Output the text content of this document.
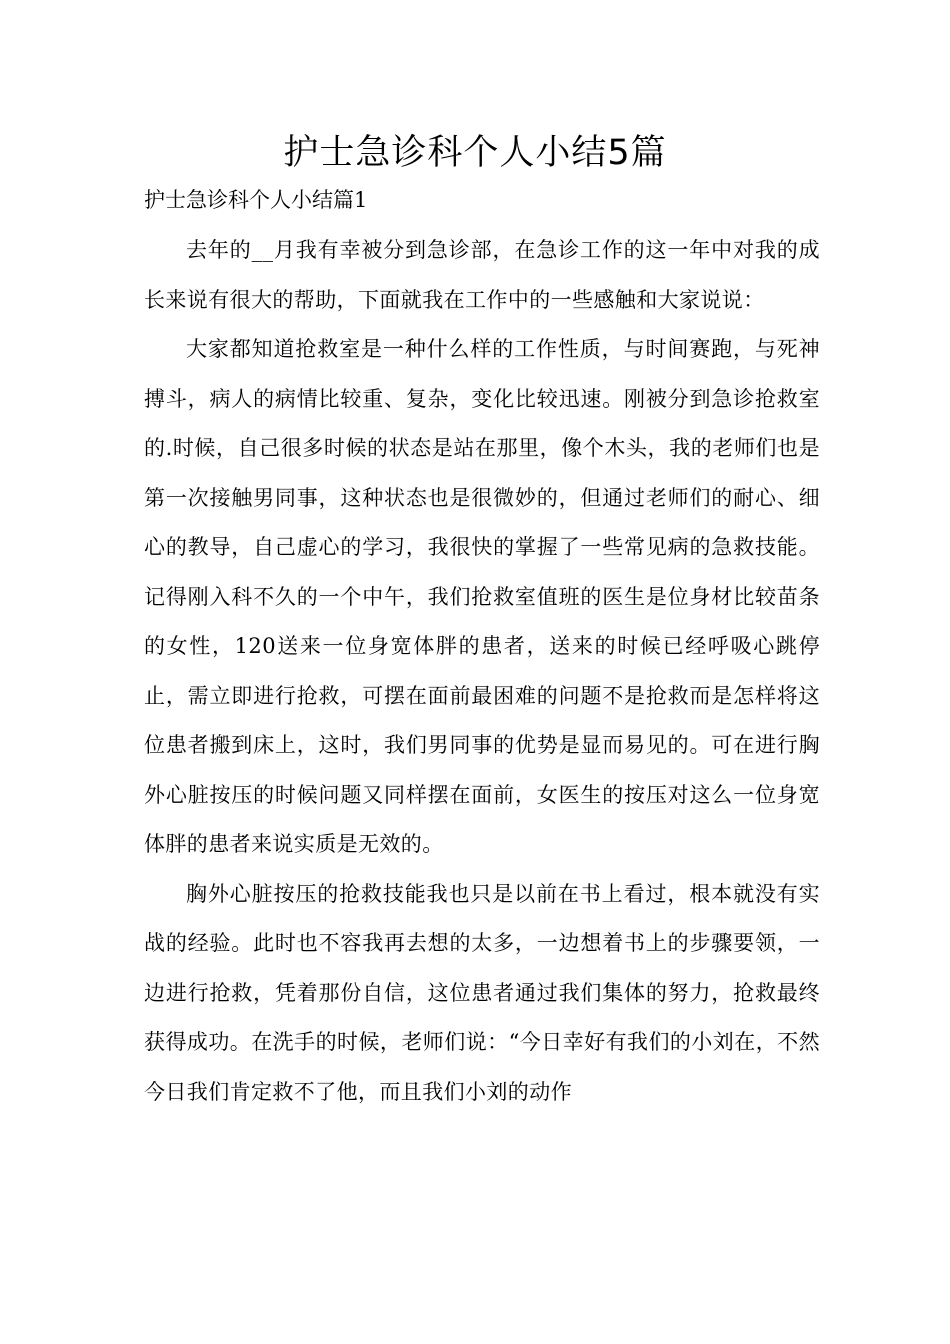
护士急诊科个人小结5篇
护士急诊科个人小结篇1

去年的__月我有幸被分到急诊部，在急诊工作的这一年中对我的成长来说有很大的帮助，下面就我在工作中的一些感触和大家说说：

大家都知道抢救室是一种什么样的工作性质，与时间赛跑，与死神搏斗，病人的病情比较重、复杂，变化比较迅速。刚被分到急诊抢救室的.时候，自己很多时候的状态是站在那里，像个木头，我的老师们也是第一次接触男同事，这种状态也是很微妙的，但通过老师们的耐心、细心的教导，自己虚心的学习，我很快的掌握了一些常见病的急救技能。记得刚入科不久的一个中午，我们抢救室值班的医生是位身材比较苗条的女性，120送来一位身宽体胖的患者，送来的时候已经呼吸心跳停止，需立即进行抢救，可摆在面前最困难的问题不是抢救而是怎样将这位患者搬到床上，这时，我们男同事的优势是显而易见的。可在进行胸外心脏按压的时候问题又同样摆在面前，女医生的按压对这么一位身宽体胖的患者来说实质是无效的。

胸外心脏按压的抢救技能我也只是以前在书上看过，根本就没有实战的经验。此时也不容我再去想的太多，一边想着书上的步骤要领，一边进行抢救，凭着那份自信，这位患者通过我们集体的努力，抢救最终获得成功。在洗手的时候，老师们说：“今日幸好有我们的小刘在，不然今日我们肯定救不了他，而且我们小刘的动作
